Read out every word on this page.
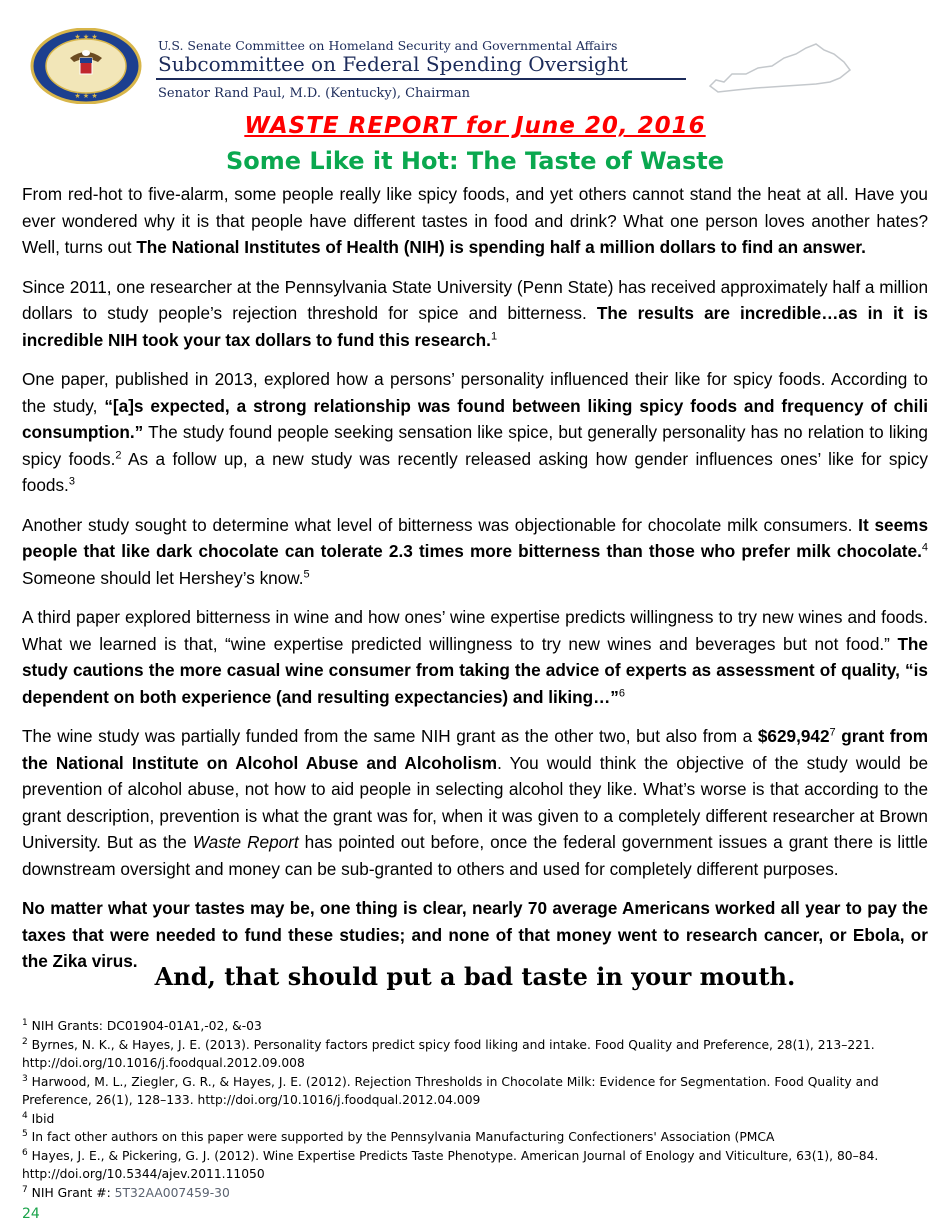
★ ★ ★
★ ★ ★
U.S. Senate Committee on Homeland Security and Governmental Affairs
Subcommittee on Federal Spending Oversight
Senator Rand Paul, M.D. (Kentucky), Chairman
WASTE REPORT for June 20, 2016
Some Like it Hot: The Taste of Waste

From red-hot to five-alarm, some people really like spicy foods, and yet others cannot stand the heat at all. Have you ever wondered why it is that people have different tastes in food and drink? What one person loves another hates? Well, turns out The National Institutes of Health (NIH) is spending half a million dollars to find an answer.

Since 2011, one researcher at the Pennsylvania State University (Penn State) has received approximately half a million dollars to study people’s rejection threshold for spice and bitterness. The results are incredible…as in it is incredible NIH took your tax dollars to fund this research.$^1$

One paper, published in 2013, explored how a persons’ personality influenced their like for spicy foods. According to the study, “[a]s expected, a strong relationship was found between liking spicy foods and frequency of chili consumption.” The study found people seeking sensation like spice, but generally personality has no relation to liking spicy foods.$^2$ As a follow up, a new study was recently released asking how gender influences ones’ like for spicy foods.$^3$

Another study sought to determine what level of bitterness was objectionable for chocolate milk consumers. It seems people that like dark chocolate can tolerate 2.3 times more bitterness than those who prefer milk chocolate.$^4$ Someone should let Hershey’s know.$^5$

A third paper explored bitterness in wine and how ones’ wine expertise predicts willingness to try new wines and foods. What we learned is that, “wine expertise predicted willingness to try new wines and beverages but not food.” The study cautions the more casual wine consumer from taking the advice of experts as assessment of quality, “is dependent on both experience (and resulting expectancies) and liking…”$^6$

The wine study was partially funded from the same NIH grant as the other two, but also from a $629,942$^7$ grant from the National Institute on Alcohol Abuse and Alcoholism. You would think the objective of the study would be prevention of alcohol abuse, not how to aid people in selecting alcohol they like. What’s worse is that according to the grant description, prevention is what the grant was for, when it was given to a completely different researcher at Brown University. But as the Waste Report has pointed out before, once the federal government issues a grant there is little downstream oversight and money can be sub-granted to others and used for completely different purposes.

No matter what your tastes may be, one thing is clear, nearly 70 average Americans worked all year to pay the taxes that were needed to fund these studies; and none of that money went to research cancer, or Ebola, or the Zika virus.

And, that should put a bad taste in your mouth.

$^1$ NIH Grants: DC01904-01A1,-02, &-03

$^2$ Byrnes, N. K., & Hayes, J. E. (2013). Personality factors predict spicy food liking and intake. Food Quality and Preference, 28(1), 213–221. http://doi.org/10.1016/j.foodqual.2012.09.008

$^3$ Harwood, M. L., Ziegler, G. R., & Hayes, J. E. (2012). Rejection Thresholds in Chocolate Milk: Evidence for Segmentation. Food Quality and Preference, 26(1), 128–133. http://doi.org/10.1016/j.foodqual.2012.04.009

$^4$ Ibid

$^5$ In fact other authors on this paper were supported by the Pennsylvania Manufacturing Confectioners' Association (PMCA

$^6$ Hayes, J. E., & Pickering, G. J. (2012). Wine Expertise Predicts Taste Phenotype. American Journal of Enology and Viticulture, 63(1), 80–84. http://doi.org/10.5344/ajev.2011.11050

$^7$ NIH Grant #: 5T32AA007459-30

24
